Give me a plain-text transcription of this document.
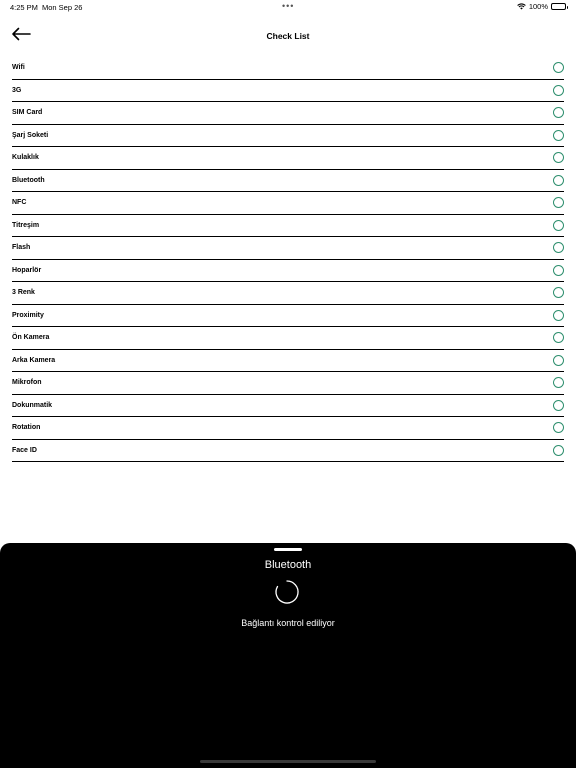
4:25 PM Mon Sep 26	•••	100%
Check List
Wifi
3G
SIM Card
Şarj Soketi
Kulaklık
Bluetooth
NFC
Titreşim
Flash
Hoparlör
3 Renk
Proximity
Ön Kamera
Arka Kamera
Mikrofon
Dokunmatik
Rotation
Face ID
Bluetooth
Bağlantı kontrol ediliyor
